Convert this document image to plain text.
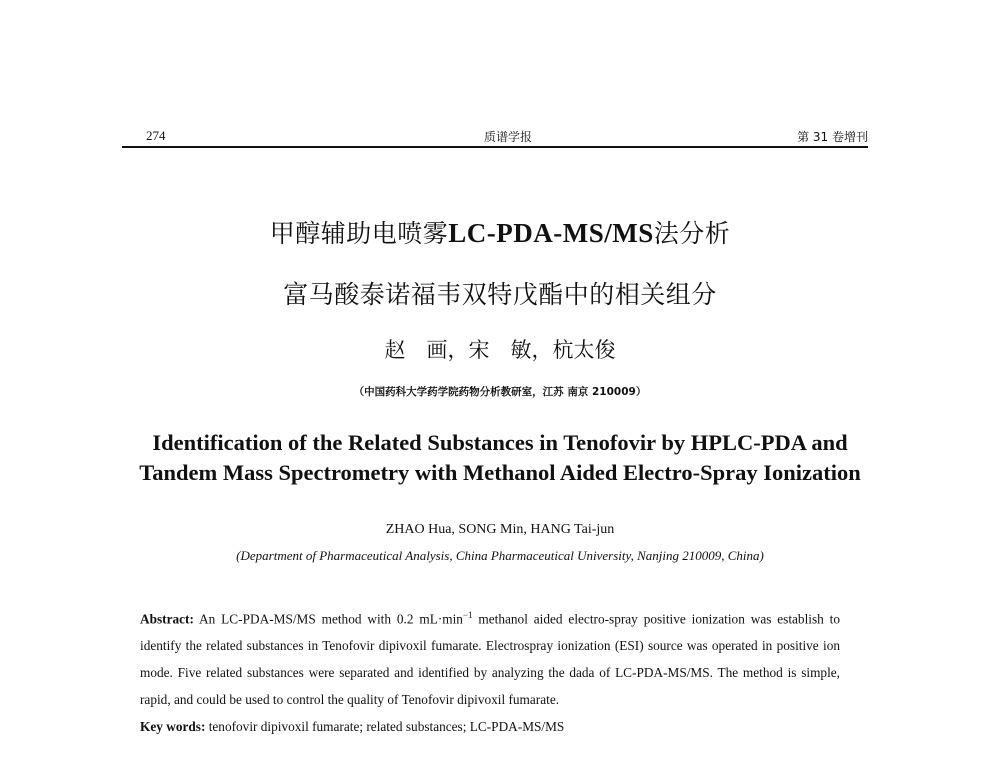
274	质谱学报	第 31 卷增刊
甲醇辅助电喷雾LC-PDA-MS/MS法分析
富马酸泰诺福韦双特戊酯中的相关组分
赵　画，宋　敏，杭太俊
（中国药科大学药学院药物分析教研室，江苏 南京 210009）
Identification of the Related Substances in Tenofovir by HPLC-PDA and
Tandem Mass Spectrometry with Methanol Aided Electro-Spray Ionization
ZHAO Hua, SONG Min, HANG Tai-jun
(Department of Pharmaceutical Analysis, China Pharmaceutical University, Nanjing 210009, China)
Abstract: An LC-PDA-MS/MS method with 0.2 $mL\cdot\min^{-1}$ methanol aided electro-spray positive ionization was establish to identify the related substances in Tenofovir dipivoxil fumarate. Electrospray ionization (ESI) source was operated in positive ion mode. Five related substances were separated and identified by analyzing the dada of LC-PDA-MS/MS. The method is simple, rapid, and could be used to control the quality of Tenofovir dipivoxil fumarate.
Key words: tenofovir dipivoxil fumarate; related substances; LC-PDA-MS/MS
